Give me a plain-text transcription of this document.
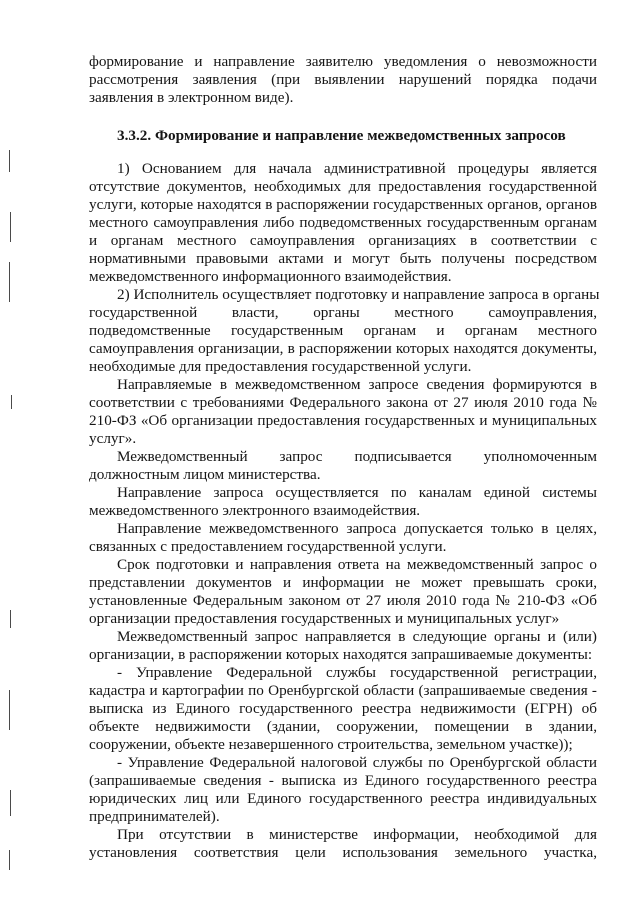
3.3.2. Формирование и направление межведомственных запросов
формирование и направление заявителю уведомления о невозможности
рассмотрения заявления (при выявлении нарушений порядка подачи
заявления в электронном виде).
1) Основанием для начала административной процедуры является
отсутствие документов, необходимых для предоставления государственной
услуги, которые находятся в распоряжении государственных органов, органов
местного самоуправления либо подведомственных государственным органам
и органам местного самоуправления организациях в соответствии с
нормативными правовыми актами и могут быть получены посредством
межведомственного информационного взаимодействия.
2) Исполнитель осуществляет подготовку и направление запроса в органы
государственной власти, органы местного самоуправления,
подведомственные государственным органам и органам местного
самоуправления организации, в распоряжении которых находятся документы,
необходимые для предоставления государственной услуги.
Направляемые в межведомственном запросе сведения формируются в
соответствии с требованиями Федерального закона от 27 июля 2010 года №
210-ФЗ «Об организации предоставления государственных и муниципальных
услуг».
Межведомственный запрос подписывается уполномоченным
должностным лицом министерства.
Направление запроса осуществляется по каналам единой системы
межведомственного электронного взаимодействия.
Направление межведомственного запроса допускается только в целях,
связанных с предоставлением государственной услуги.
Срок подготовки и направления ответа на межведомственный запрос о
представлении документов и информации не может превышать сроки,
установленные Федеральным законом от 27 июля 2010 года № 210-ФЗ «Об
организации предоставления государственных и муниципальных услуг»
Межведомственный запрос направляется в следующие органы и (или)
организации, в распоряжении которых находятся запрашиваемые документы:
- Управление Федеральной службы государственной регистрации,
кадастра и картографии по Оренбургской области (запрашиваемые сведения -
выписка из Единого государственного реестра недвижимости (ЕГРН) об
объекте недвижимости (здании, сооружении, помещении в здании,
сооружении, объекте незавершенного строительства, земельном участке));
- Управление Федеральной налоговой службы по Оренбургской области
(запрашиваемые сведения - выписка из Единого государственного реестра
юридических лиц или Единого государственного реестра индивидуальных
предпринимателей).
При отсутствии в министерстве информации, необходимой для
установления соответствия цели использования земельного участка,
